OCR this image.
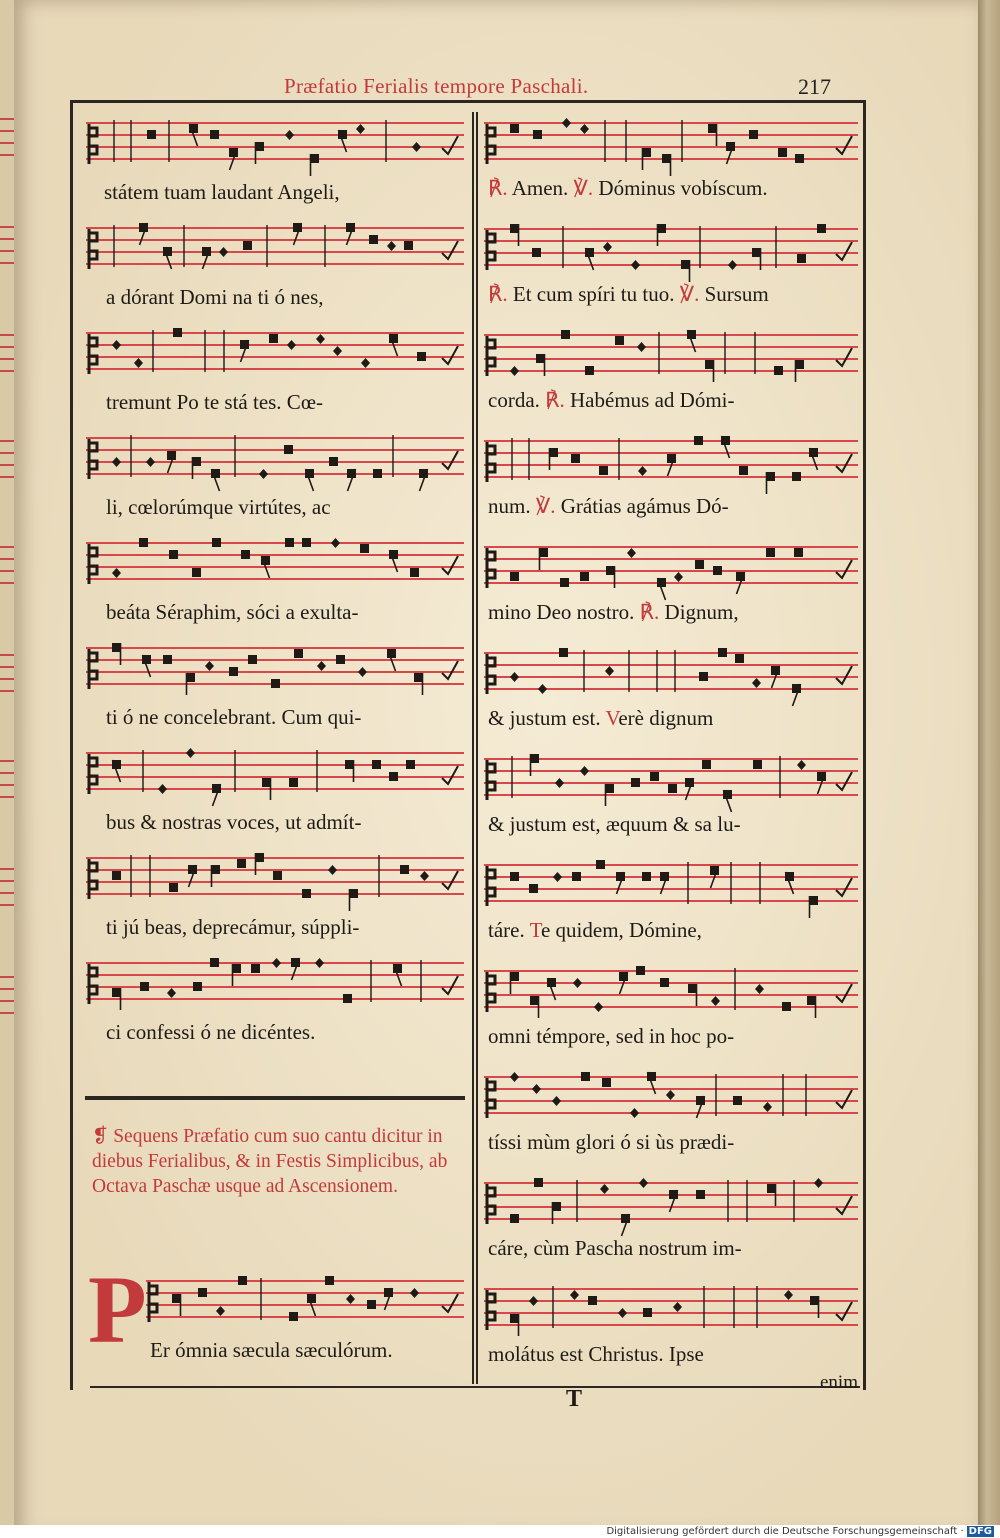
Præfatio Ferialis tempore Paschali.	217
státem tuam laudant Angeli,
a dórant Domi na ti ó nes,
tremunt Po te stá tes. Cœ-
li, cœlorúmque virtútes, ac
beáta Séraphim, sóci a exulta-
ti ó ne concelebrant. Cum qui-
bus & nostras voces, ut admít-
ti jú beas, deprecámur, súppli-
ci confessi ó ne dicéntes.
Er ómnia sæcula sæculórum.
℟. Amen. ℣. Dóminus vobíscum.
℟. Et cum spíri tu tuo. ℣. Sursum
corda. ℟. Habémus ad Dómi-
num. ℣. Grátias agámus Dó-
mino Deo nostro. ℟. Dignum,
& justum est. Verè dignum
& justum est, æquum & sa lu-
táre. Te quidem, Dómine,
omni témpore, sed in hoc po-
tíssi mùm glori ó si ùs prædi-
cáre, cùm Pascha nostrum im-
molátus est Christus. Ipse
❡ Sequens Præfatio cum suo cantu dicitur in diebus Ferialibus, & in Festis Simplicibus, ab Octava Paschæ usque ad Ascensionem.
P
enim
T
Digitalisierung gefördert durch die Deutsche Forschungsgemeinschaft · DFG
